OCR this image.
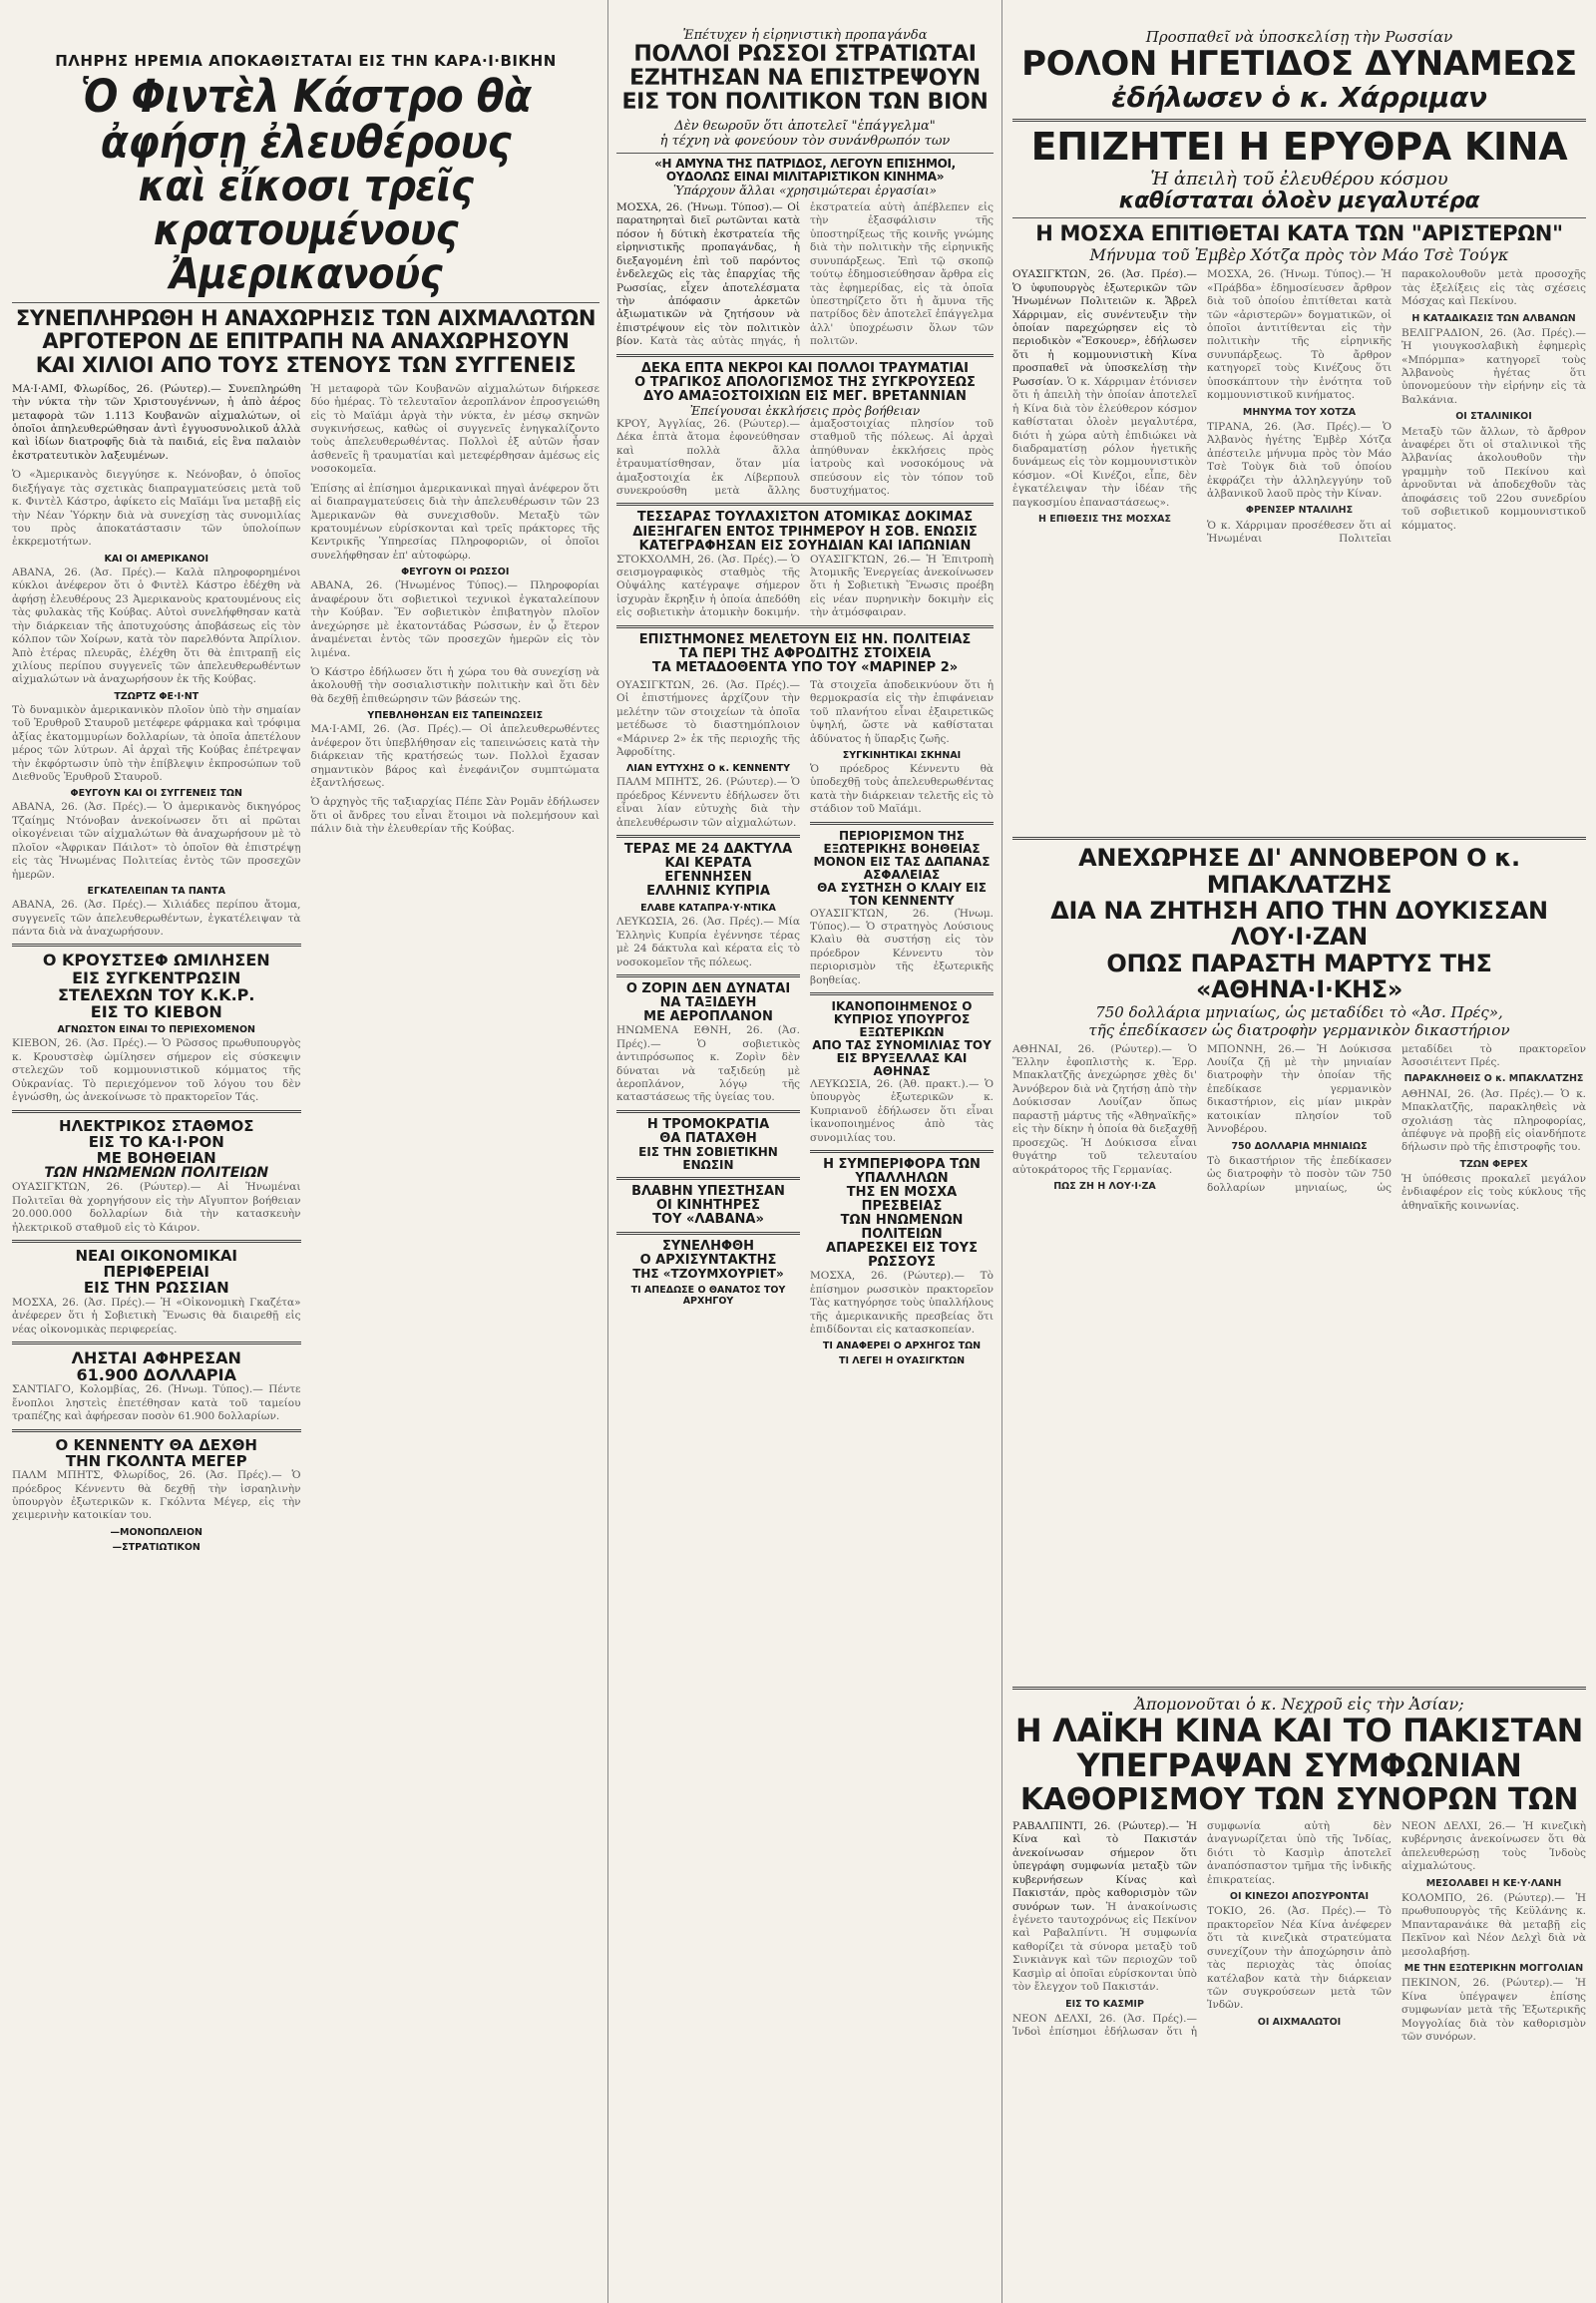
ΠΛΗΡΗΣ ΗΡΕΜΙΑ ΑΠΟΚΑΘΙΣΤΑΤΑΙ ΕΙΣ ΤΗΝ ΚΑΡΑ·Ι·ΒΙΚΗΝ
Ὁ Φιντὲλ Κάστρο θὰ ἀφήσῃ ἐλευθέρους
καὶ εἴκοσι τρεῖς κρατουμένους Ἀμερικανούς
ΣΥΝΕΠΛΗΡΩΘΗ Η ΑΝΑΧΩΡΗΣΙΣ ΤΩΝ ΑΙΧΜΑΛΩΤΩΝ
ΑΡΓΟΤΕΡΟΝ ΔΕ ΕΠΙΤΡΑΠΗ ΝΑ ΑΝΑΧΩΡΗΣΟΥΝ
ΚΑΙ ΧΙΛΙΟΙ ΑΠΟ ΤΟΥΣ ΣΤΕΝΟΥΣ ΤΩΝ ΣΥΓΓΕΝΕΙΣ
ΜΑ·Ι·ΑΜΙ, Φλωρίδος, 26. (Ρώυτερ).— Συνεπληρώθη τὴν νύκτα τὴν τῶν Χριστουγέννων, ἡ ἀπὸ ἀέρος μεταφορὰ τῶν 1.113 Κουβανῶν αἰχμαλώτων, οἱ ὁποῖοι ἀπηλευθερώθησαν ἀντὶ ἐγγυοσυνολικοῦ ἀλλὰ καὶ ἰδίων διατροφῆς διὰ τὰ παιδιά, εἰς ἓνα παλαιὸν ἐκστρατευτικὸν λαξευμένων.
Ὁ «Ἀμερικανὸς διεγγύησε κ. Νεόνοβαν, ὁ ὁποῖος διεξήγαγε τὰς σχετικὰς διαπραγματεύσεις μετὰ τοῦ κ. Φιντὲλ Κάστρο, ἀφίκετο εἰς Μαϊάμι ἵνα μεταβῇ εἰς τὴν Νέαν Ὑόρκην διὰ νὰ συνεχίσῃ τὰς συνομιλίας του πρὸς ἀποκατάστασιν τῶν ὑπολοίπων ἐκκρεμοτήτων.
ΚΑΙ ΟΙ ΑΜΕΡΙΚΑΝΟΙ
ΑΒΑΝΑ, 26. (Ἀσ. Πρές).— Καλὰ πληροφορημένοι κύκλοι ἀνέφερον ὅτι ὁ Φιντὲλ Κάστρο ἐδέχθη νὰ ἀφήσῃ ἐλευθέρους 23 Ἀμερικανοὺς κρατουμένους εἰς τὰς φυλακὰς τῆς Κούβας. Αὐτοὶ συνελήφθησαν κατὰ τὴν διάρκειαν τῆς ἀποτυχούσης ἀποβάσεως εἰς τὸν κόλπον τῶν Χοίρων, κατὰ τὸν παρελθόντα Ἀπρίλιον. Ἀπὸ ἑτέρας πλευρᾶς, ἐλέχθη ὅτι θὰ ἐπιτραπῇ εἰς χιλίους περίπου συγγενεῖς τῶν ἀπελευθερωθέντων αἰχμαλώτων νὰ ἀναχωρήσουν ἐκ τῆς Κούβας.
ΤΖΩΡΤΖ ΦΕ·Ι·ΝΤ
Τὸ δυναμικὸν ἀμερικανικὸν πλοῖον ὑπὸ τὴν σημαίαν τοῦ Ἐρυθροῦ Σταυροῦ μετέφερε φάρμακα καὶ τρόφιμα ἀξίας ἑκατομμυρίων δολλαρίων, τὰ ὁποῖα ἀπετέλουν μέρος τῶν λύτρων. Αἱ ἀρχαὶ τῆς Κούβας ἐπέτρεψαν τὴν ἐκφόρτωσιν ὑπὸ τὴν ἐπίβλεψιν ἐκπροσώπων τοῦ Διεθνοῦς Ἐρυθροῦ Σταυροῦ.
ΦΕΥΓΟΥΝ ΚΑΙ ΟΙ ΣΥΓΓΕΝΕΙΣ ΤΩΝ
ΑΒΑΝΑ, 26. (Ἀσ. Πρές).— Ὁ ἀμερικανὸς δικηγόρος Τζαίημς Ντόνοβαν ἀνεκοίνωσεν ὅτι αἱ πρῶται οἰκογένειαι τῶν αἰχμαλώτων θὰ ἀναχωρήσουν μὲ τὸ πλοῖον «Ἀφρικαν Πάιλοτ» τὸ ὁποῖον θὰ ἐπιστρέψῃ εἰς τὰς Ἡνωμένας Πολιτείας ἐντὸς τῶν προσεχῶν ἡμερῶν.
ΕΓΚΑΤΕΛΕΙΠΑΝ ΤΑ ΠΑΝΤΑ
ΑΒΑΝΑ, 26. (Ἀσ. Πρές).— Χιλιάδες περίπου ἄτομα, συγγενεῖς τῶν ἀπελευθερωθέντων, ἐγκατέλειψαν τὰ πάντα διὰ νὰ ἀναχωρήσουν.
Ο ΚΡΟΥΣΤΣΕΦ ΩΜΙΛΗΣΕΝ
ΕΙΣ ΣΥΓΚΕΝΤΡΩΣΙΝ
ΣΤΕΛΕΧΩΝ ΤΟΥ Κ.Κ.Ρ.
ΕΙΣ ΤΟ ΚΙΕΒΟΝ
ΑΓΝΩΣΤΟΝ ΕΙΝΑΙ ΤΟ ΠΕΡΙΕΧΟΜΕΝΟΝ
ΚΙΕΒΟΝ, 26. (Ἀσ. Πρές).— Ὁ Ρῶσσος πρωθυπουργὸς κ. Κρουστσὲφ ὡμίλησεν σήμερον εἰς σύσκεψιν στελεχῶν τοῦ κομμουνιστικοῦ κόμματος τῆς Οὐκρανίας. Τὸ περιεχόμενον τοῦ λόγου του δὲν ἐγνώσθη, ὡς ἀνεκοίνωσε τὸ πρακτορεῖον Τάς.
ΗΛΕΚΤΡΙΚΟΣ ΣΤΑΘΜΟΣ
ΕΙΣ ΤΟ ΚΑ·Ι·ΡΟΝ
ΜΕ ΒΟΗΘΕΙΑΝ
ΤΩΝ ΗΝΩΜΕΝΩΝ ΠΟΛΙΤΕΙΩΝ
ΟΥΑΣΙΓΚΤΩΝ, 26. (Ρώυτερ).— Αἱ Ἡνωμέναι Πολιτεῖαι θὰ χορηγήσουν εἰς τὴν Αἴγυπτον βοήθειαν 20.000.000 δολλαρίων διὰ τὴν κατασκευὴν ἠλεκτρικοῦ σταθμοῦ εἰς τὸ Κάιρον.
ΝΕΑΙ ΟΙΚΟΝΟΜΙΚΑΙ
ΠΕΡΙΦΕΡΕΙΑΙ
ΕΙΣ ΤΗΝ ΡΩΣΣΙΑΝ
ΜΟΣΧΑ, 26. (Ἀσ. Πρές).— Ἡ «Οἰκονομικὴ Γκαζέτα» ἀνέφερεν ὅτι ἡ Σοβιετικὴ Ἕνωσις θὰ διαιρεθῇ εἰς νέας οἰκονομικὰς περιφερείας.
ΛΗΣΤΑΙ ΑΦΗΡΕΣΑΝ
61.900 ΔΟΛΛΑΡΙΑ
ΣΑΝΤΙΑΓΟ, Κολομβίας, 26. (Ἡνωμ. Τύπος).— Πέντε ἔνοπλοι ληστεὶς ἐπετέθησαν κατὰ τοῦ ταμείου τραπέζης καὶ ἀφήρεσαν ποσὸν 61.900 δολλαρίων.
Ο ΚΕΝΝΕΝΤΥ ΘΑ ΔΕΧΘΗ
ΤΗΝ ΓΚΟΛΝΤΑ ΜΕΓΕΡ
ΠΑΛΜ ΜΠΗΤΣ, Φλωρίδος, 26. (Ἀσ. Πρές).— Ὁ πρόεδρος Κέννεντυ θὰ δεχθῇ τὴν ἰσραηλινὴν ὑπουργὸν ἐξωτερικῶν κ. Γκόλντα Μέγερ, εἰς τὴν χειμερινὴν κατοικίαν του.
—ΜΟΝΟΠΩΛΕΙΟΝ
—ΣΤΡΑΤΙΩΤΙΚΟΝ
Ἡ μεταφορὰ τῶν Κουβανῶν αἰχμαλώτων διήρκεσε δύο ἡμέρας. Τὸ τελευταῖον ἀεροπλάνον ἐπροσγειώθη εἰς τὸ Μαϊάμι ἀργὰ τὴν νύκτα, ἐν μέσῳ σκηνῶν συγκινήσεως, καθὼς οἱ συγγενεῖς ἐνηγκαλίζοντο τοὺς ἀπελευθερωθέντας. Πολλοὶ ἐξ αὐτῶν ἦσαν ἀσθενεῖς ἢ τραυματίαι καὶ μετεφέρθησαν ἀμέσως εἰς νοσοκομεῖα.
Ἐπίσης αἱ ἐπίσημοι ἀμερικανικαὶ πηγαὶ ἀνέφερον ὅτι αἱ διαπραγματεύσεις διὰ τὴν ἀπελευθέρωσιν τῶν 23 Ἀμερικανῶν θὰ συνεχισθοῦν. Μεταξὺ τῶν κρατουμένων εὑρίσκονται καὶ τρεῖς πράκτορες τῆς Κεντρικῆς Ὑπηρεσίας Πληροφοριῶν, οἱ ὁποῖοι συνελήφθησαν ἐπ' αὐτοφώρῳ.
ΦΕΥΓΟΥΝ ΟΙ ΡΩΣΣΟΙ
ΑΒΑΝΑ, 26. (Ἡνωμένος Τύπος).— Πληροφορίαι ἀναφέρουν ὅτι σοβιετικοὶ τεχνικοὶ ἐγκαταλείπουν τὴν Κούβαν. Ἕν σοβιετικὸν ἐπιβατηγὸν πλοῖον ἀνεχώρησε μὲ ἑκατοντάδας Ρώσσων, ἐν ᾧ ἕτερον ἀναμένεται ἐντὸς τῶν προσεχῶν ἡμερῶν εἰς τὸν λιμένα.
Ὁ Κάστρο ἐδήλωσεν ὅτι ἡ χώρα του θὰ συνεχίσῃ νὰ ἀκολουθῇ τὴν σοσιαλιστικὴν πολιτικὴν καὶ ὅτι δὲν θὰ δεχθῇ ἐπιθεώρησιν τῶν βάσεών της.
ΥΠΕΒΛΗΘΗΣΑΝ ΕΙΣ ΤΑΠΕΙΝΩΣΕΙΣ
ΜΑ·Ι·ΑΜΙ, 26. (Ἀσ. Πρές).— Οἱ ἀπελευθερωθέντες ἀνέφερον ὅτι ὑπεβλήθησαν εἰς ταπεινώσεις κατὰ τὴν διάρκειαν τῆς κρατήσεώς των. Πολλοὶ ἔχασαν σημαντικὸν βάρος καὶ ἐνεφάνιζον συμπτώματα ἐξαντλήσεως.
Ὁ ἀρχηγὸς τῆς ταξιαρχίας Πέπε Σὰν Ρομᾶν ἐδήλωσεν ὅτι οἱ ἄνδρες του εἶναι ἕτοιμοι νὰ πολεμήσουν καὶ πάλιν διὰ τὴν ἐλευθερίαν τῆς Κούβας.
Ἐπέτυχεν ἡ εἰρηνιστικὴ προπαγάνδα
ΠΟΛΛΟΙ ΡΩΣΣΟΙ ΣΤΡΑΤΙΩΤΑΙ
ΕΖΗΤΗΣΑΝ ΝΑ ΕΠΙΣΤΡΕΨΟΥΝ
ΕΙΣ ΤΟΝ ΠΟΛΙΤΙΚΟΝ ΤΩΝ ΒΙΟΝ
Δὲν θεωροῦν ὅτι ἀποτελεῖ "ἐπάγγελμα"
ἡ τέχνη νὰ φονεύουν τὸν συνάνθρωπόν των
«Η ΑΜΥΝΑ ΤΗΣ ΠΑΤΡΙΔΟΣ, ΛΕΓΟΥΝ ΕΠΙΣΗΜΟΙ,
ΟΥΔΟΛΩΣ ΕΙΝΑΙ ΜΙΛΙΤΑΡΙΣΤΙΚΟΝ ΚΙΝΗΜΑ»
Ὑπάρχουν ἄλλαι «χρησιμώτεραι ἐργασίαι»
ΜΟΣΧΑ, 26. (Ἡνωμ. Τύποσ).— Οἱ παρατηρηταὶ διεῖ ρωτῶνται κατὰ πόσον ἡ δύτικὴ ἐκστρατεία τῆς εἰρηνιστικῆς προπαγάνδας, ἡ διεξαγομένη ἐπὶ τοῦ παρόντος ἐνδελεχῶς εἰς τὰς ἐπαρχίας τῆς Ρωσσίας, εἶχεν ἀποτελέσματα τὴν ἀπόφασιν ἀρκετῶν ἀξιωματικῶν νὰ ζητήσουν νὰ ἐπιστρέψουν εἰς τὸν πολιτικὸν βίον. Κατὰ τὰς αὐτὰς πηγάς, ἡ ἐκστρατεία αὐτὴ ἀπέβλεπεν εἰς τὴν ἐξασφάλισιν τῆς ὑποστηρίξεως τῆς κοινῆς γνώμης διὰ τὴν πολιτικὴν τῆς εἰρηνικῆς συνυπάρξεως. Ἐπὶ τῷ σκοπῷ τούτῳ ἐδημοσιεύθησαν ἄρθρα εἰς τὰς ἐφημερίδας, εἰς τὰ ὁποῖα ὑπεστηρίζετο ὅτι ἡ ἄμυνα τῆς πατρίδος δὲν ἀποτελεῖ ἐπάγγελμα ἀλλ' ὑποχρέωσιν ὅλων τῶν πολιτῶν.
ΔΕΚΑ ΕΠΤΑ ΝΕΚΡΟΙ ΚΑΙ ΠΟΛΛΟΙ ΤΡΑΥΜΑΤΙΑΙ
Ο ΤΡΑΓΙΚΟΣ ΑΠΟΛΟΓΙΣΜΟΣ ΤΗΣ ΣΥΓΚΡΟΥΣΕΩΣ
ΔΥΟ ΑΜΑΞΟΣΤΟΙΧΙΩΝ ΕΙΣ ΜΕΓ. ΒΡΕΤΑΝΝΙΑΝ
Ἐπείγουσαι ἐκκλήσεις πρὸς βοήθειαν
ΚΡΟΥ, Ἀγγλίας, 26. (Ρώυτερ).— Δέκα ἑπτὰ ἄτομα ἐφονεύθησαν καὶ πολλὰ ἄλλα ἐτραυματίσθησαν, ὅταν μία ἁμαξοστοιχία ἐκ Λίβερπουλ συνεκρούσθη μετὰ ἄλλης ἁμαξοστοιχίας πλησίον τοῦ σταθμοῦ τῆς πόλεως. Αἱ ἀρχαὶ ἀπηύθυναν ἐκκλήσεις πρὸς ἰατροὺς καὶ νοσοκόμους νὰ σπεύσουν εἰς τὸν τόπον τοῦ δυστυχήματος.
ΤΕΣΣΑΡΑΣ ΤΟΥΛΑΧΙΣΤΟΝ ΑΤΟΜΙΚΑΣ ΔΟΚΙΜΑΣ
ΔΙΕΞΗΓΑΓΕΝ ΕΝΤΟΣ ΤΡΙΗΜΕΡΟΥ Η ΣΟΒ. ΕΝΩΣΙΣ
ΚΑΤΕΓΡΑΦΗΣΑΝ ΕΙΣ ΣΟΥΗΔΙΑΝ ΚΑΙ ΙΑΠΩΝΙΑΝ
ΣΤΟΚΧΟΛΜΗ, 26. (Ἀσ. Πρές).— Ὁ σεισμογραφικὸς σταθμὸς τῆς Οὐψάλης κατέγραψε σήμερον ἰσχυρὰν ἔκρηξιν ἡ ὁποία ἀπεδόθη εἰς σοβιετικὴν ἀτομικὴν δοκιμήν. ΟΥΑΣΙΓΚΤΩΝ, 26.— Ἡ Ἐπιτροπὴ Ἀτομικῆς Ἐνεργείας ἀνεκοίνωσεν ὅτι ἡ Σοβιετικὴ Ἕνωσις προέβη εἰς νέαν πυρηνικὴν δοκιμὴν εἰς τὴν ἀτμόσφαιραν.
ΕΠΙΣΤΗΜΟΝΕΣ ΜΕΛΕΤΟΥΝ ΕΙΣ ΗΝ. ΠΟΛΙΤΕΙΑΣ
ΤΑ ΠΕΡΙ ΤΗΣ ΑΦΡΟΔΙΤΗΣ ΣΤΟΙΧΕΙΑ
ΤΑ ΜΕΤΑΔΟΘΕΝΤΑ ΥΠΟ ΤΟΥ «ΜΑΡΙΝΕΡ 2»
ΟΥΑΣΙΓΚΤΩΝ, 26. (Ἀσ. Πρές).— Οἱ ἐπιστήμονες ἀρχίζουν τὴν μελέτην τῶν στοιχείων τὰ ὁποῖα μετέδωσε τὸ διαστημόπλοιον «Μάρινερ 2» ἐκ τῆς περιοχῆς τῆς Ἀφροδίτης.
ΛΙΑΝ ΕΥΤΥΧΗΣ Ο κ. ΚΕΝΝΕΝΤΥ
ΠΑΛΜ ΜΠΗΤΣ, 26. (Ρώυτερ).— Ὁ πρόεδρος Κέννεντυ ἐδήλωσεν ὅτι εἶναι λίαν εὐτυχὴς διὰ τὴν ἀπελευθέρωσιν τῶν αἰχμαλώτων.
ΤΕΡΑΣ ΜΕ 24 ΔΑΚΤΥΛΑ
ΚΑΙ ΚΕΡΑΤΑ
ΕΓΕΝΝΗΣΕΝ
ΕΛΛΗΝΙΣ ΚΥΠΡΙΑ
ΕΛΑΒΕ ΚΑΤΑΠΡΑ·Υ·ΝΤΙΚΑ
ΛΕΥΚΩΣΙΑ, 26. (Ἀσ. Πρές).— Μία Ἑλληνὶς Κυπρία ἐγέννησε τέρας μὲ 24 δάκτυλα καὶ κέρατα εἰς τὸ νοσοκομεῖον τῆς πόλεως.
Ο ΖΟΡΙΝ ΔΕΝ ΔΥΝΑΤΑΙ
ΝΑ ΤΑΞΙΔΕΥΗ
ΜΕ ΑΕΡΟΠΛΑΝΟΝ
ΗΝΩΜΕΝΑ ΕΘΝΗ, 26. (Ἀσ. Πρές).— Ὁ σοβιετικὸς ἀντιπρόσωπος κ. Ζορὶν δὲν δύναται νὰ ταξιδεύῃ μὲ ἀεροπλάνον, λόγῳ τῆς καταστάσεως τῆς ὑγείας του.
Η ΤΡΟΜΟΚΡΑΤΙΑ
ΘΑ ΠΑΤΑΧΘΗ
ΕΙΣ ΤΗΝ ΣΟΒΙΕΤΙΚΗΝ ΕΝΩΣΙΝ
ΒΛΑΒΗΝ ΥΠΕΣΤΗΣΑΝ
ΟΙ ΚΙΝΗΤΗΡΕΣ
ΤΟΥ «ΛΑΒΑΝΑ»
ΣΥΝΕΛΗΦΘΗ
Ο ΑΡΧΙΣΥΝΤΑΚΤΗΣ
ΤΗΣ «ΤΖΟΥΜΧΟΥΡΙΕΤ»
ΤΙ ΑΠΕΔΩΣΕ Ο ΘΑΝΑΤΟΣ ΤΟΥ ΑΡΧΗΓΟΥ
Τὰ στοιχεῖα ἀποδεικνύουν ὅτι ἡ θερμοκρασία εἰς τὴν ἐπιφάνειαν τοῦ πλανήτου εἶναι ἐξαιρετικῶς ὑψηλή, ὥστε νὰ καθίσταται ἀδύνατος ἡ ὕπαρξις ζωῆς.
ΣΥΓΚΙΝΗΤΙΚΑΙ ΣΚΗΝΑΙ
Ὁ πρόεδρος Κέννεντυ θὰ ὑποδεχθῇ τοὺς ἀπελευθερωθέντας κατὰ τὴν διάρκειαν τελετῆς εἰς τὸ στάδιον τοῦ Μαϊάμι.
ΠΕΡΙΟΡΙΣΜΟΝ ΤΗΣ ΕΞΩΤΕΡΙΚΗΣ ΒΟΗΘΕΙΑΣ
ΜΟΝΟΝ ΕΙΣ ΤΑΣ ΔΑΠΑΝΑΣ ΑΣΦΑΛΕΙΑΣ
ΘΑ ΣΥΣΤΗΣΗ Ο ΚΛΑΙΥ ΕΙΣ ΤΟΝ ΚΕΝΝΕΝΤΥ
ΟΥΑΣΙΓΚΤΩΝ, 26. (Ἡνωμ. Τύπος).— Ὁ στρατηγὸς Λούσιους Κλαὶυ θὰ συστήσῃ εἰς τὸν πρόεδρον Κέννεντυ τὸν περιορισμὸν τῆς ἐξωτερικῆς βοηθείας.
ΙΚΑΝΟΠΟΙΗΜΕΝΟΣ Ο ΚΥΠΡΙΟΣ ΥΠΟΥΡΓΟΣ ΕΞΩΤΕΡΙΚΩΝ
ΑΠΟ ΤΑΣ ΣΥΝΟΜΙΛΙΑΣ ΤΟΥ ΕΙΣ ΒΡΥΞΕΛΛΑΣ ΚΑΙ ΑΘΗΝΑΣ
ΛΕΥΚΩΣΙΑ, 26. (Ἀθ. πρακτ.).— Ὁ ὑπουργὸς ἐξωτερικῶν κ. Κυπριανοῦ ἐδήλωσεν ὅτι εἶναι ἱκανοποιημένος ἀπὸ τὰς συνομιλίας του.
Η ΣΥΜΠΕΡΙΦΟΡΑ ΤΩΝ ΥΠΑΛΛΗΛΩΝ
ΤΗΣ ΕΝ ΜΟΣΧΑ ΠΡΕΣΒΕΙΑΣ
ΤΩΝ ΗΝΩΜΕΝΩΝ ΠΟΛΙΤΕΙΩΝ
ΑΠΑΡΕΣΚΕΙ ΕΙΣ ΤΟΥΣ ΡΩΣΣΟΥΣ
ΜΟΣΧΑ, 26. (Ρώυτερ).— Τὸ ἐπίσημον ρωσσικὸν πρακτορεῖον Τὰς κατηγόρησε τοὺς ὑπαλλήλους τῆς ἀμερικανικῆς πρεσβείας ὅτι ἐπιδίδονται εἰς κατασκοπείαν.
ΤΙ ΑΝΑΦΕΡΕΙ Ο ΑΡΧΗΓΟΣ ΤΩΝ
ΤΙ ΛΕΓΕΙ Η ΟΥΑΣΙΓΚΤΩΝ
Προσπαθεῖ νὰ ὑποσκελίσῃ τὴν Ρωσσίαν
ΡΟΛΟΝ ΗΓΕΤΙΔΟΣ ΔΥΝΑΜΕΩΣ
ἐδήλωσεν ὁ κ. Χάρριμαν
ΕΠΙΖΗΤΕΙ Η ΕΡΥΘΡΑ ΚΙΝΑ
Ἡ ἀπειλὴ τοῦ ἐλευθέρου κόσμου
καθίσταται ὁλοὲν μεγαλυτέρα
Η ΜΟΣΧΑ ΕΠΙΤΙΘΕΤΑΙ ΚΑΤΑ ΤΩΝ "ΑΡΙΣΤΕΡΩΝ"
Μήνυμα τοῦ Ἐμβὲρ Χότζα πρὸς τὸν Μάο Τσὲ Τούγκ
ΟΥΑΣΙΓΚΤΩΝ, 26. (Ἀσ. Πρέσ).— Ὁ ὑφυπουργὸς ἐξωτερικῶν τῶν Ἡνωμένων Πολιτειῶν κ. Ἄβρελ Χάρριμαν, εἰς συνέντευξιν τὴν ὁποίαν παρεχώρησεν εἰς τὸ περιοδικὸν «Ἔσκουερ», ἐδήλωσεν ὅτι ἡ κομμουνιστικὴ Κίνα προσπαθεῖ νὰ ὑποσκελίσῃ τὴν Ρωσσίαν. Ὁ κ. Χάρριμαν ἐτόνισεν ὅτι ἡ ἀπειλὴ τὴν ὁποίαν ἀποτελεῖ ἡ Κίνα διὰ τὸν ἐλεύθερον κόσμον καθίσταται ὁλοὲν μεγαλυτέρα, διότι ἡ χώρα αὐτὴ ἐπιδιώκει νὰ διαδραματίσῃ ρόλον ἡγετικῆς δυνάμεως εἰς τὸν κομμουνιστικὸν κόσμον. «Οἱ Κινέζοι, εἶπε, δὲν ἐγκατέλειψαν τὴν ἰδέαν τῆς παγκοσμίου ἐπαναστάσεως».
Η ΕΠΙΘΕΣΙΣ ΤΗΣ ΜΟΣΧΑΣ
ΜΟΣΧΑ, 26. (Ἡνωμ. Τύπος).— Ἡ «Πράβδα» ἐδημοσίευσεν ἄρθρον διὰ τοῦ ὁποίου ἐπιτίθεται κατὰ τῶν «ἀριστερῶν» δογματικῶν, οἱ ὁποῖοι ἀντιτίθενται εἰς τὴν πολιτικὴν τῆς εἰρηνικῆς συνυπάρξεως. Τὸ ἄρθρον κατηγορεῖ τοὺς Κινέζους ὅτι ὑποσκάπτουν τὴν ἑνότητα τοῦ κομμουνιστικοῦ κινήματος.
ΜΗΝΥΜΑ ΤΟΥ ΧΟΤΖΑ
ΤΙΡΑΝΑ, 26. (Ἀσ. Πρές).— Ὁ Ἀλβανὸς ἡγέτης Ἐμβὲρ Χότζα ἀπέστειλε μήνυμα πρὸς τὸν Μάο Τσὲ Τοὺγκ διὰ τοῦ ὁποίου ἐκφράζει τὴν ἀλληλεγγύην τοῦ ἀλβανικοῦ λαοῦ πρὸς τὴν Κίναν.
ΦΡΕΝΣΕΡ ΝΤΑΛΙΛΗΣ
Ὁ κ. Χάρριμαν προσέθεσεν ὅτι αἱ Ἡνωμέναι Πολιτεῖαι παρακολουθοῦν μετὰ προσοχῆς τὰς ἐξελίξεις εἰς τὰς σχέσεις Μόσχας καὶ Πεκίνου.
Η ΚΑΤΑΔΙΚΑΣΙΣ ΤΩΝ ΑΛΒΑΝΩΝ
ΒΕΛΙΓΡΑΔΙΟΝ, 26. (Ἀσ. Πρές).— Ἡ γιουγκοσλαβικὴ ἐφημερὶς «Μπόρμπα» κατηγορεῖ τοὺς Ἀλβανοὺς ἡγέτας ὅτι ὑπονομεύουν τὴν εἰρήνην εἰς τὰ Βαλκάνια.
ΟΙ ΣΤΑΛΙΝΙΚΟΙ
Μεταξὺ τῶν ἄλλων, τὸ ἄρθρον ἀναφέρει ὅτι οἱ σταλινικοὶ τῆς Ἀλβανίας ἀκολουθοῦν τὴν γραμμὴν τοῦ Πεκίνου καὶ ἀρνοῦνται νὰ ἀποδεχθοῦν τὰς ἀποφάσεις τοῦ 22ου συνεδρίου τοῦ σοβιετικοῦ κομμουνιστικοῦ κόμματος.
ΑΝΕΧΩΡΗΣΕ ΔΙ' ΑΝΝΟΒΕΡΟΝ Ο κ. ΜΠΑΚΛΑΤΖΗΣ
ΔΙΑ ΝΑ ΖΗΤΗΣΗ ΑΠΟ ΤΗΝ ΔΟΥΚΙΣΣΑΝ ΛΟΥ·Ι·ΖΑΝ
ΟΠΩΣ ΠΑΡΑΣΤΗ ΜΑΡΤΥΣ ΤΗΣ «ΑΘΗΝΑ·Ι·ΚΗΣ»
750 δολλάρια μηνιαίως, ὡς μεταδίδει τὸ «Ἀσ. Πρές»,
τῆς ἐπεδίκασεν ὡς διατροφὴν γερμανικὸν δικαστήριον
ΑΘΗΝΑΙ, 26. (Ρώυτερ).— Ὁ Ἕλλην ἐφοπλιστὴς κ. Ἐρρ. Μπακλατζῆς ἀνεχώρησε χθὲς δι' Ἀννόβερον διὰ νὰ ζητήσῃ ἀπὸ τὴν Δούκισσαν Λουίζαν ὅπως παραστῇ μάρτυς τῆς «Ἀθηναϊκῆς» εἰς τὴν δίκην ἡ ὁποία θὰ διεξαχθῇ προσεχῶς. Ἡ Δούκισσα εἶναι θυγάτηρ τοῦ τελευταίου αὐτοκράτορος τῆς Γερμανίας.
ΠΩΣ ΖΗ Η ΛΟΥ·Ι·ΖΑ
ΜΠΟΝΝΗ, 26.— Ἡ Δούκισσα Λουίζα ζῇ μὲ τὴν μηνιαίαν διατροφὴν τὴν ὁποίαν τῆς ἐπεδίκασε γερμανικὸν δικαστήριον, εἰς μίαν μικρὰν κατοικίαν πλησίον τοῦ Ἀννοβέρου.
750 ΔΟΛΛΑΡΙΑ ΜΗΝΙΑΙΩΣ
Τὸ δικαστήριον τῆς ἐπεδίκασεν ὡς διατροφὴν τὸ ποσὸν τῶν 750 δολλαρίων μηνιαίως, ὡς μεταδίδει τὸ πρακτορεῖον Ἀσοσιέιτεντ Πρές.
ΠΑΡΑΚΛΗΘΕΙΣ Ο κ. ΜΠΑΚΛΑΤΖΗΣ
ΑΘΗΝΑΙ, 26. (Ἀσ. Πρές).— Ὁ κ. Μπακλατζῆς, παρακληθεὶς νὰ σχολιάσῃ τὰς πληροφορίας, ἀπέφυγε νὰ προβῇ εἰς οἱανδήποτε δήλωσιν πρὸ τῆς ἐπιστροφῆς του.
ΤΖΩΝ ΦΕΡΕΧ
Ἡ ὑπόθεσις προκαλεῖ μεγάλον ἐνδιαφέρον εἰς τοὺς κύκλους τῆς ἀθηναϊκῆς κοινωνίας.
Ἀπομονοῦται ὁ κ. Νεχροῦ εἰς τὴν Ἀσίαν;
Η ΛΑΪΚΗ ΚΙΝΑ ΚΑΙ ΤΟ ΠΑΚΙΣΤΑΝ
ΥΠΕΓΡΑΨΑΝ ΣΥΜΦΩΝΙΑΝ
ΚΑΘΟΡΙΣΜΟΥ ΤΩΝ ΣΥΝΟΡΩΝ ΤΩΝ
ΡΑΒΑΛΠΙΝΤΙ, 26. (Ρώυτερ).— Ἡ Κίνα καὶ τὸ Πακιστάν ἀνεκοίνωσαν σήμερον ὅτι ὑπεγράφη συμφωνία μεταξὺ τῶν κυβερνήσεων Κίνας καὶ Πακιστάν, πρὸς καθορισμὸν τῶν συνόρων των. Ἡ ἀνακοίνωσις ἐγένετο ταυτοχρόνως εἰς Πεκίνον καὶ Ραβαλπίντι. Ἡ συμφωνία καθορίζει τὰ σύνορα μεταξὺ τοῦ Σινκιὰνγκ καὶ τῶν περιοχῶν τοῦ Κασμὶρ αἱ ὁποῖαι εὑρίσκονται ὑπὸ τὸν ἔλεγχον τοῦ Πακιστάν.
ΕΙΣ ΤΟ ΚΑΣΜΙΡ
ΝΕΟΝ ΔΕΛΧΙ, 26. (Ἀσ. Πρές).— Ἰνδοὶ ἐπίσημοι ἐδήλωσαν ὅτι ἡ συμφωνία αὐτὴ δὲν ἀναγνωρίζεται ὑπὸ τῆς Ἰνδίας, διότι τὸ Κασμὶρ ἀποτελεῖ ἀναπόσπαστον τμῆμα τῆς ἰνδικῆς ἐπικρατείας.
ΟΙ ΚΙΝΕΖΟΙ ΑΠΟΣΥΡΟΝΤΑΙ
ΤΟΚΙΟ, 26. (Ἀσ. Πρές).— Τὸ πρακτορεῖον Νέα Κίνα ἀνέφερεν ὅτι τὰ κινεζικὰ στρατεύματα συνεχίζουν τὴν ἀποχώρησιν ἀπὸ τὰς περιοχὰς τὰς ὁποίας κατέλαβον κατὰ τὴν διάρκειαν τῶν συγκρούσεων μετὰ τῶν Ἰνδῶν.
ΟΙ ΑΙΧΜΑΛΩΤΟΙ
ΝΕΟΝ ΔΕΛΧΙ, 26.— Ἡ κινεζικὴ κυβέρνησις ἀνεκοίνωσεν ὅτι θὰ ἀπελευθερώσῃ τοὺς Ἰνδοὺς αἰχμαλώτους.
ΜΕΣΟΛΑΒΕΙ Η ΚΕ·Υ·ΛΑΝΗ
ΚΟΛΟΜΠΟ, 26. (Ρώυτερ).— Ἡ πρωθυπουργὸς τῆς Κεϋλάνης κ. Μπανταρανάικε θὰ μεταβῇ εἰς Πεκῖνον καὶ Νέον Δελχὶ διὰ νὰ μεσολαβήσῃ.
ΜΕ ΤΗΝ ΕΞΩΤΕΡΙΚΗΝ ΜΟΓΓΟΛΙΑΝ
ΠΕΚΙΝΟΝ, 26. (Ρώυτερ).— Ἡ Κίνα ὑπέγραψεν ἐπίσης συμφωνίαν μετὰ τῆς Ἐξωτερικῆς Μογγολίας διὰ τὸν καθορισμὸν τῶν συνόρων.
